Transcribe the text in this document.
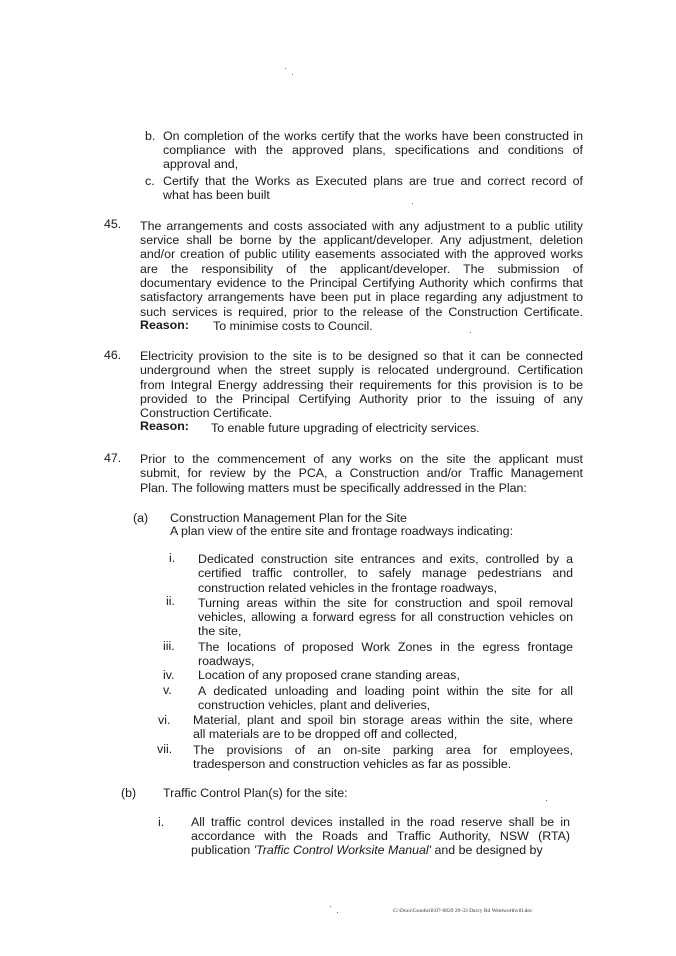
b. On completion of the works certify that the works have been constructed in
compliance with the approved plans, specifications and conditions of
approval and,
c. Certify that the Works as Executed plans are true and correct record of
what has been built
45. The arrangements and costs associated with any adjustment to a public utility
service shall be borne by the applicant/developer. Any adjustment, deletion
and/or creation of public utility easements associated with the approved works
are the responsibility of the applicant/developer. The submission of
documentary evidence to the Principal Certifying Authority which confirms that
satisfactory arrangements have been put in place regarding any adjustment to
such services is required, prior to the release of the Construction Certificate.
Reason: To minimise costs to Council.
46. Electricity provision to the site is to be designed so that it can be connected
underground when the street supply is relocated underground. Certification
from Integral Energy addressing their requirements for this provision is to be
provided to the Principal Certifying Authority prior to the issuing of any
Construction Certificate.
Reason: To enable future upgrading of electricity services.
47. Prior to the commencement of any works on the site the applicant must
submit, for review by the PCA, a Construction and/or Traffic Management
Plan. The following matters must be specifically addressed in the Plan:
(a) Construction Management Plan for the Site
A plan view of the entire site and frontage roadways indicating:
i. Dedicated construction site entrances and exits, controlled by a
certified traffic controller, to safely manage pedestrians and
construction related vehicles in the frontage roadways,
ii. Turning areas within the site for construction and spoil removal
vehicles, allowing a forward egress for all construction vehicles on
the site,
iii. The locations of proposed Work Zones in the egress frontage
roadways,
iv. Location of any proposed crane standing areas,
v. A dedicated unloading and loading point within the site for all
construction vehicles, plant and deliveries,
vi. Material, plant and spoil bin storage areas within the site, where
all materials are to be dropped off and collected,
vii. The provisions of an on-site parking area for employees,
tradesperson and construction vehicles as far as possible.
(b) Traffic Control Plan(s) for the site:
i. All traffic control devices installed in the road reserve shall be in
accordance with the Roads and Traffic Authority, NSW (RTA)
publication 'Traffic Control Worksite Manual' and be designed by
G:\Docs\Goodwill\07-0829 29-33 Darcy Rd Wentworthvill.doc
